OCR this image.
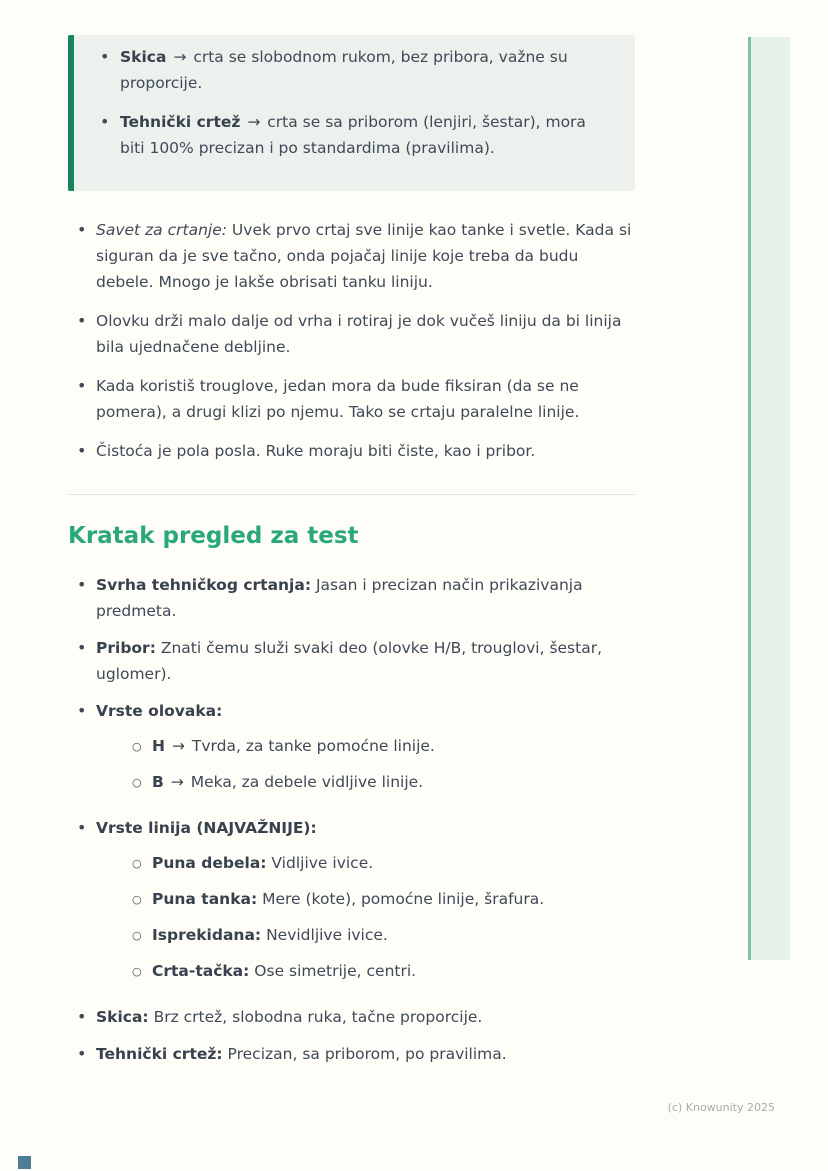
• Skica → crta se slobodnom rukom, bez pribora, važne su proporcije.
• Tehnički crtež → crta se sa priborom (lenjiri, šestar), mora biti 100% precizan i po standardima (pravilima).
• Savet za crtanje: Uvek prvo crtaj sve linije kao tanke i svetle. Kada si siguran da je sve tačno, onda pojačaj linije koje treba da budu debele. Mnogo je lakše obrisati tanku liniju.
• Olovku drži malo dalje od vrha i rotiraj je dok vučeš liniju da bi linija bila ujednačene debljine.
• Kada koristiš trouglove, jedan mora da bude fiksiran (da se ne pomera), a drugi klizi po njemu. Tako se crtaju paralelne linije.
• Čistoća je pola posla. Ruke moraju biti čiste, kao i pribor.
Kratak pregled za test
• Svrha tehničkog crtanja: Jasan i precizan način prikazivanja predmeta.
• Pribor: Znati čemu služi svaki deo (olovke H/B, trouglovi, šestar, uglomer).
• Vrste olovaka:
○ H → Tvrda, za tanke pomoćne linije.
○ B → Meka, za debele vidljive linije.
• Vrste linija (NAJVAŽNIJE):
○ Puna debela: Vidljive ivice.
○ Puna tanka: Mere (kote), pomoćne linije, šrafura.
○ Isprekidana: Nevidljive ivice.
○ Crta-tačka: Ose simetrije, centri.
• Skica: Brz crtež, slobodna ruka, tačne proporcije.
• Tehnički crtež: Precizan, sa priborom, po pravilima.
(c) Knowunity 2025
